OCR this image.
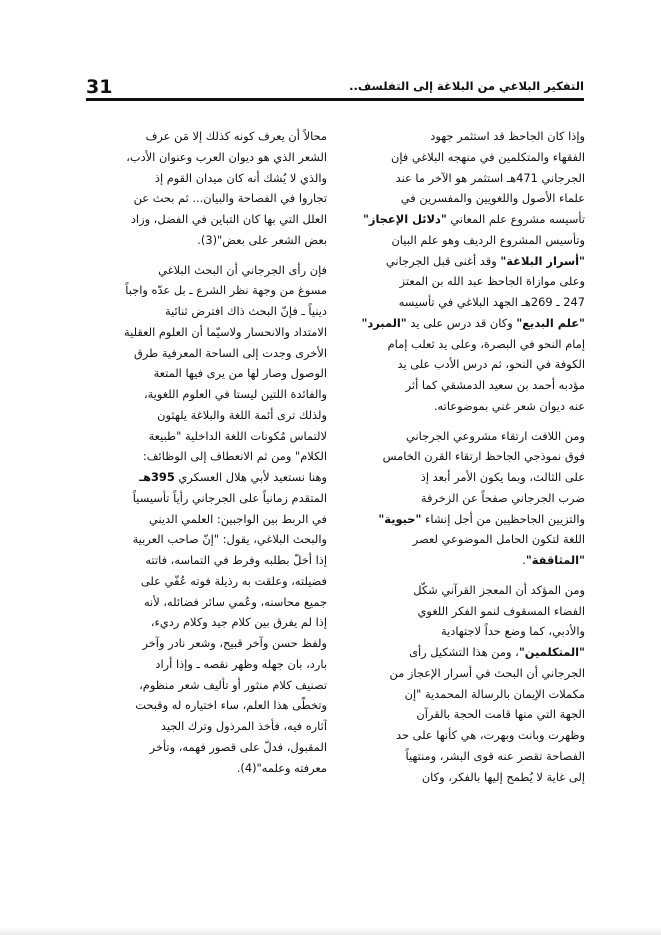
31	التفكير البلاغي من البلاغة إلى التفلسف..

وإذا كان الجاحظ قد استثمر جهود
الفقهاء والمتكلمين في منهجه البلاغي فإن
الجرجاني 471هـ استثمر هو الآخر ما عند
علماء الأصول واللغويين والمفسرين في
تأسيسه مشروع علم المعاني "دلائل الإعجاز"
وتأسيس المشروع الرديف وهو علم البيان
"أسرار البلاغة" وقد أغنى قبل الجرجاني
وعلى موازاة الجاحظ عبد الله بن المعتز
247 ـ 269هـ الجهد البلاغي في تأسيسه
"علم البديع" وكان قد درس على يد "المبرد"
إمام النحو في البصرة، وعلى يد ثعلب إمام
الكوفة في النحو، ثم درس الأدب على يد
مؤدبه أحمد بن سعيد الدمشقي كما أثر
عنه ديوان شعر غني بموضوعاته.

ومن اللافت ارتقاء مشروعي الجرجاني
فوق نموذجي الجاحظ ارتقاء القرن الخامس
على الثالث، وبما يكون الأمر أبعد إذ
ضرب الجرجاني صفحاً عن الزخرفة
والتزيين الجاحظيين من أجل إنشاء "حيوية"
اللغة لتكون الحامل الموضوعي لعصر
"المثاقفة".

ومن المؤكد أن المعجز القرآني شكّل
الفضاء المسقوف لنمو الفكر اللغوي
والأدبي، كما وضع حداً لاجتهادية
"المتكلمين"، ومن هذا التشكيل رأى
الجرجاني أن البحث في أسرار الإعجاز من
مكملات الإيمان بالرسالة المحمدية "إن
الجهة التي منها قامت الحجة بالقرآن
وظهرت وبانت وبهرت، هي كأنها على حد
الفصاحة تقصر عنه قوى البشر، ومنتهياً
إلى غاية لا يُطمح إليها بالفكر، وكان

محالاً أن يعرف كونه كذلك إلا مَن عرف
الشعر الذي هو ديوان العرب وعنوان الأدب،
والذي لا يُشك أنه كان ميدان القوم إذ
تجاروا في الفصاحة والبيان... ثم بحث عن
العلل التي بها كان التباين في الفضل، وزاد
بعض الشعر على بعض"(3).

فإن رأى الجرجاني أن البحث البلاغي
مسوغ من وجهة نظر الشرع ـ بل عدّه واجباً
دينياً ـ فإنّ البحث ذاك افترض ثنائية
الامتداد والانحسار ولاسيّما أن العلوم العقلية
الأخرى وجدت إلى الساحة المعرفية طرق
الوصول وصار لها من يرى فيها المتعة
والفائدة اللتين ليستا في العلوم اللغوية،
ولذلك ترى أئمة اللغة والبلاغة يلهثون
لالتماس مُكونات اللغة الداخلية "طبيعة
الكلام" ومن ثم الانعطاف إلى الوظائف:
وهنا نستعيد لأبي هلال العسكري 395هـ
المتقدم زمانياً على الجرجاني رأياً تأسيسياً
في الربط بين الواجبين: العلمي الديني
والبحث البلاغي، يقول: "إنّ صاحب العربية
إذا أخلّ بطلبه وفرط في التماسه، فاتته
فضيلته، وعلقت به رذيلة فوته عُفّي على
جميع محاسنه، وعُمي سائر فضائله، لأنه
إذا لم يفرق بين كلام جيد وكلام رديء،
ولفظ حسن وآخر قبيح، وشعر نادر وآخر
بارد، بان جهله وظهر نقصه ـ وإذا أراد
تصنيف كلام منثور أو تأليف شعر منظوم،
وتخطّى هذا العلم، ساء اختياره له وقبحت
آثاره فيه، فأخذ المرذول وترك الجيد
المقبول، فدلّ على قصور فهمه، وتأخر
معرفته وعلمه"(4).
